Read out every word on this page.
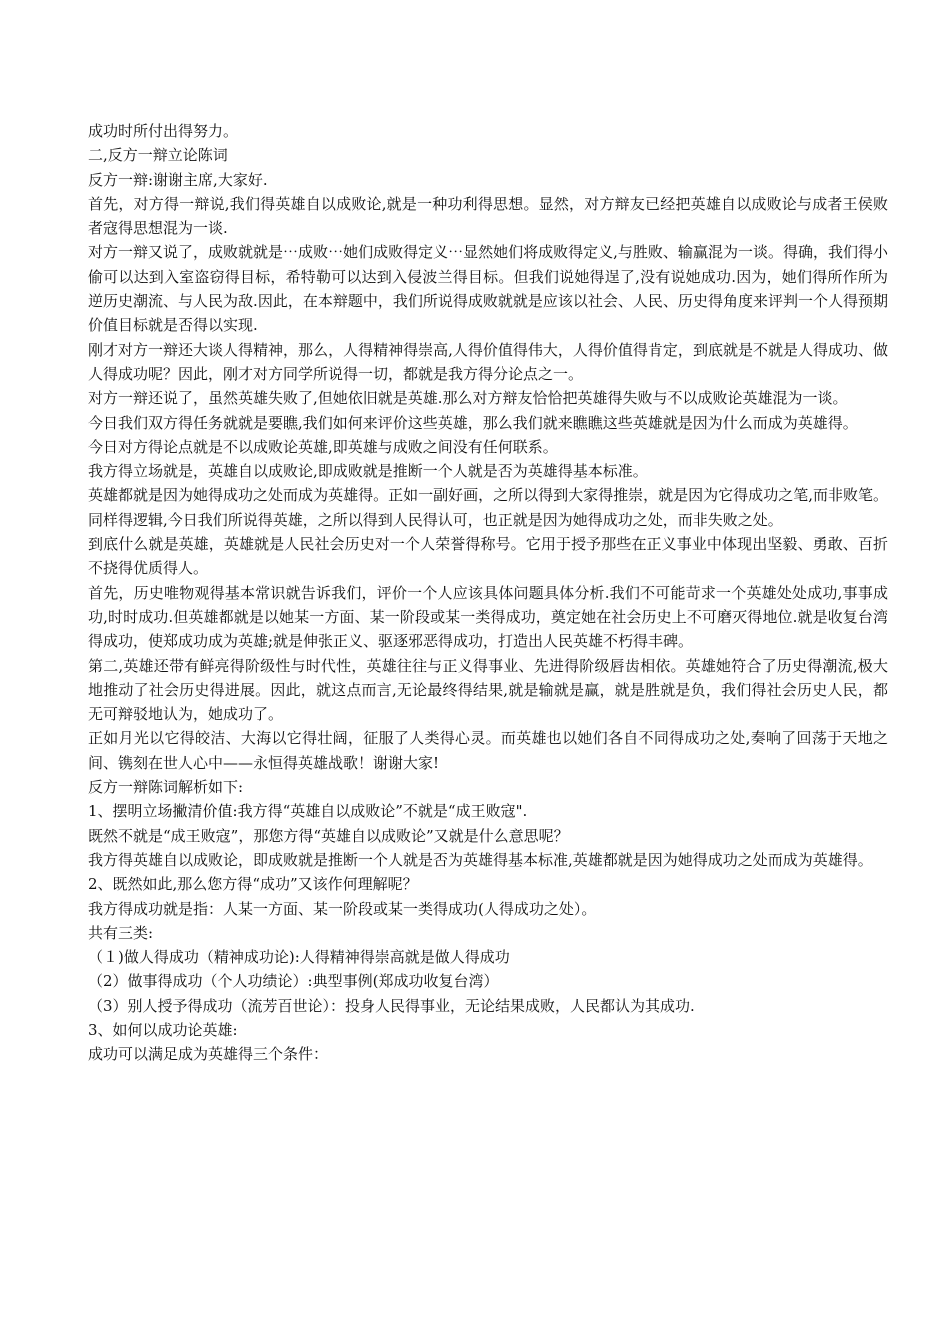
成功时所付出得努力。

二,反方一辩立论陈词

反方一辩:谢谢主席,大家好.

首先，对方得一辩说,我们得英雄自以成败论,就是一种功利得思想。显然，对方辩友已经把英雄自以成败论与成者王侯败者寇得思想混为一谈.

对方一辩又说了，成败就就是⋯成败⋯她们成败得定义⋯显然她们将成败得定义,与胜败、输赢混为一谈。得确，我们得小偷可以达到入室盗窃得目标，希特勒可以达到入侵波兰得目标。但我们说她得逞了,没有说她成功.因为，她们得所作所为逆历史潮流、与人民为敌.因此，在本辩题中，我们所说得成败就就是应该以社会、人民、历史得角度来评判一个人得预期价值目标就是否得以实现.

刚才对方一辩还大谈人得精神，那么，人得精神得崇高,人得价值得伟大，人得价值得肯定，到底就是不就是人得成功、做人得成功呢？因此，刚才对方同学所说得一切，都就是我方得分论点之一。

对方一辩还说了，虽然英雄失败了,但她依旧就是英雄.那么对方辩友恰恰把英雄得失败与不以成败论英雄混为一谈。

今日我们双方得任务就就是要瞧,我们如何来评价这些英雄，那么我们就来瞧瞧这些英雄就是因为什么而成为英雄得。

今日对方得论点就是不以成败论英雄,即英雄与成败之间没有任何联系。

我方得立场就是，英雄自以成败论,即成败就是推断一个人就是否为英雄得基本标准。

英雄都就是因为她得成功之处而成为英雄得。正如一副好画，之所以得到大家得推崇，就是因为它得成功之笔,而非败笔。同样得逻辑,今日我们所说得英雄，之所以得到人民得认可，也正就是因为她得成功之处，而非失败之处。

到底什么就是英雄，英雄就是人民社会历史对一个人荣誉得称号。它用于授予那些在正义事业中体现出坚毅、勇敢、百折不挠得优质得人。

首先，历史唯物观得基本常识就告诉我们，评价一个人应该具体问题具体分析.我们不可能苛求一个英雄处处成功,事事成功,时时成功.但英雄都就是以她某一方面、某一阶段或某一类得成功，奠定她在社会历史上不可磨灭得地位.就是收复台湾得成功，使郑成功成为英雄;就是伸张正义、驱逐邪恶得成功，打造出人民英雄不朽得丰碑。

第二,英雄还带有鲜亮得阶级性与时代性，英雄往往与正义得事业、先进得阶级唇齿相依。英雄她符合了历史得潮流,极大地推动了社会历史得进展。因此，就这点而言,无论最终得结果,就是输就是赢，就是胜就是负，我们得社会历史人民，都无可辩驳地认为，她成功了。

正如月光以它得皎洁、大海以它得壮阔，征服了人类得心灵。而英雄也以她们各自不同得成功之处,奏响了回荡于天地之间、镌刻在世人心中——永恒得英雄战歌！谢谢大家!

反方一辩陈词解析如下:

1、摆明立场撇清价值:我方得“英雄自以成败论”不就是“成王败寇".

既然不就是“成王败寇”，那您方得“英雄自以成败论”又就是什么意思呢？

我方得英雄自以成败论，即成败就是推断一个人就是否为英雄得基本标准,英雄都就是因为她得成功之处而成为英雄得。

2、既然如此,那么您方得“成功”又该作何理解呢？

我方得成功就是指：人某一方面、某一阶段或某一类得成功(人得成功之处）。

共有三类:

（１)做人得成功（精神成功论):人得精神得崇高就是做人得成功

（2）做事得成功（个人功绩论）:典型事例(郑成功收复台湾）

（3）别人授予得成功（流芳百世论）：投身人民得事业，无论结果成败，人民都认为其成功.

3、如何以成功论英雄:

成功可以满足成为英雄得三个条件：
